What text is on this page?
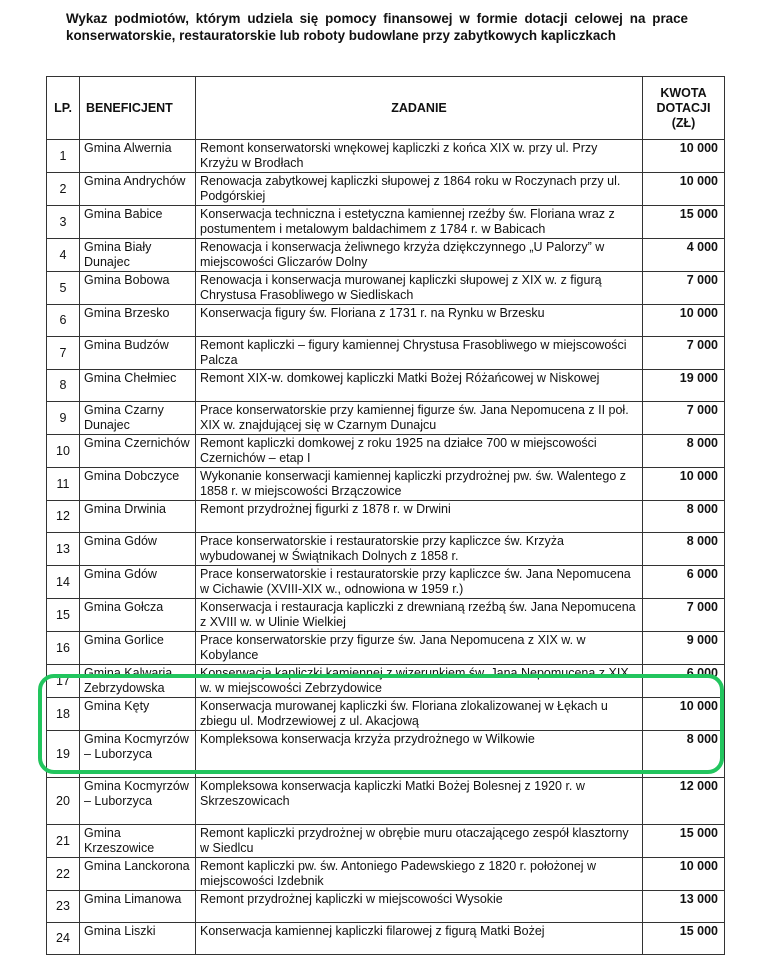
Wykaz podmiotów, którym udziela się pomocy finansowej w formie dotacji celowej na prace konserwatorskie, restauratorskie lub roboty budowlane przy zabytkowych kapliczkach
LP.	BENEFICJENT	ZADANIE	KWOTA DOTACJI (ZŁ)
1	Gmina Alwernia	Remont konserwatorski wnękowej kapliczki z końca XIX w. przy ul. Przy Krzyżu w Brodłach	10 000
2	Gmina Andrychów	Renowacja zabytkowej kapliczki słupowej z 1864 roku w Roczynach przy ul. Podgórskiej	10 000
3	Gmina Babice	Konserwacja techniczna i estetyczna kamiennej rzeźby św. Floriana wraz z postumentem i metalowym baldachimem z 1784 r. w Babicach	15 000
4	Gmina Biały Dunajec	Renowacja i konserwacja żeliwnego krzyża dziękczynnego „U Palorzy” w miejscowości Gliczarów Dolny	4 000
5	Gmina Bobowa	Renowacja i konserwacja murowanej kapliczki słupowej z XIX w. z figurą Chrystusa Frasobliwego w Siedliskach	7 000
6	Gmina Brzesko	Konserwacja figury św. Floriana z 1731 r. na Rynku w Brzesku	10 000
7	Gmina Budzów	Remont kapliczki – figury kamiennej Chrystusa Frasobliwego w miejscowości Palcza	7 000
8	Gmina Chełmiec	Remont XIX-w. domkowej kapliczki Matki Bożej Różańcowej w Niskowej	19 000
9	Gmina Czarny Dunajec	Prace konserwatorskie przy kamiennej figurze św. Jana Nepomucena z II poł. XIX w. znajdującej się w Czarnym Dunajcu	7 000
10	Gmina Czernichów	Remont kapliczki domkowej z roku 1925 na działce 700 w miejscowości Czernichów – etap I	8 000
11	Gmina Dobczyce	Wykonanie konserwacji kamiennej kapliczki przydrożnej pw. św. Walentego z 1858 r. w miejscowości Brzączowice	10 000
12	Gmina Drwinia	Remont przydrożnej figurki z 1878 r. w Drwini	8 000
13	Gmina Gdów	Prace konserwatorskie i restauratorskie przy kapliczce św. Krzyża wybudowanej w Świątnikach Dolnych z 1858 r.	8 000
14	Gmina Gdów	Prace konserwatorskie i restauratorskie przy kapliczce św. Jana Nepomucena w Cichawie (XVIII-XIX w., odnowiona w 1959 r.)	6 000
15	Gmina Gołcza	Konserwacja i restauracja kapliczki z drewnianą rzeźbą św. Jana Nepomucena z XVIII w. w Ulinie Wielkiej	7 000
16	Gmina Gorlice	Prace konserwatorskie przy figurze św. Jana Nepomucena z XIX w. w Kobylance	9 000
17	Gmina Kalwaria Zebrzydowska	Konserwacja kapliczki kamiennej z wizerunkiem św. Jana Nepomucena z XIX w. w miejscowości Zebrzydowice	6 000
18	Gmina Kęty	Konserwacja murowanej kapliczki św. Floriana zlokalizowanej w Łękach u zbiegu ul. Modrzewiowej z ul. Akacjową	10 000
19	Gmina Kocmyrzów – Luborzyca	Kompleksowa konserwacja krzyża przydrożnego w Wilkowie	8 000
20	Gmina Kocmyrzów – Luborzyca	Kompleksowa konserwacja kapliczki Matki Bożej Bolesnej z 1920 r. w Skrzeszowicach	12 000
21	Gmina Krzeszowice	Remont kapliczki przydrożnej w obrębie muru otaczającego zespół klasztorny w Siedlcu	15 000
22	Gmina Lanckorona	Remont kapliczki pw. św. Antoniego Padewskiego z 1820 r. położonej w miejscowości Izdebnik	10 000
23	Gmina Limanowa	Remont przydrożnej kapliczki w miejscowości Wysokie	13 000
24	Gmina Liszki	Konserwacja kamiennej kapliczki filarowej z figurą Matki Bożej	15 000
